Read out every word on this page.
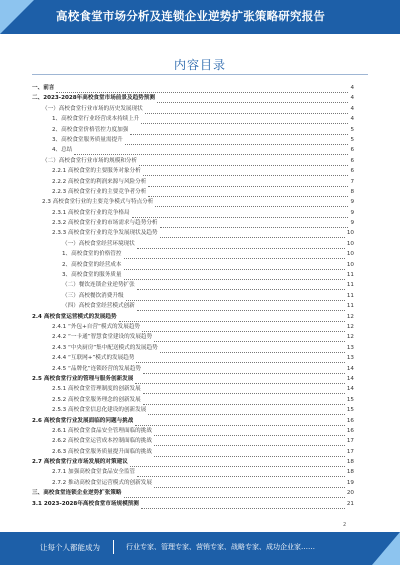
高校食堂市场分析及连锁企业逆势扩张策略研究报告
内容目录
一、前言	4
二、2023-2028年高校食堂市场前景及趋势预测	4
（一）高校食堂行业市场的历史发展现状	4
1、高校食堂行业经营成本持续上升	4
2、高校食堂价格管控力度加强	5
3、高校食堂服务质量需提升	5
4、总结	6
（二）高校食堂行业市场的规模和分析	6
2.2.1 高校食堂的主要服务对象分析	6
2.2.2 高校食堂的利润来源与风险分析	7
2.2.3 高校食堂行业的主要竞争者分析	8
2.3 高校食堂行业的主要竞争模式与特点分析	9
2.3.1 高校食堂行业的竞争格局	9
2.3.2 高校食堂行业的市场需求与趋势分析	9
2.3.3 高校食堂行业的竞争发展现状及趋势	10
（一）高校食堂经营环境现状	10
1、高校食堂的价格管控	10
2、高校食堂的经营成本	10
3、高校食堂的服务质量	11
（二）餐饮连锁企业逆势扩张	11
（三）高校餐饮消费升级	11
（四）高校食堂经营模式创新	11
2.4 高校食堂运营模式的发展趋势	12
2.4.1 “外包+自营”模式的发展趋势	12
2.4.2 “一卡通”智慧食堂建设的发展趋势	12
2.4.3 “中央厨房”集中配送模式的发展趋势	13
2.4.4 “互联网+”模式的发展趋势	13
2.4.5 “品牌化”连锁经营的发展趋势	14
2.5 高校食堂行业的管理与服务创新发展	14
2.5.1 高校食堂管理制度的创新发展	14
2.5.2 高校食堂服务理念的创新发展	15
2.5.3 高校食堂信息化建设的创新发展	15
2.6 高校食堂行业发展面临的问题与挑战	16
2.6.1 高校食堂食品安全管理面临的挑战	16
2.6.2 高校食堂运营成本控制面临的挑战	17
2.6.3 高校食堂服务质量提升面临的挑战	17
2.7 高校食堂行业市场发展的对策建议	18
2.7.1 加强高校食堂食品安全监管	18
2.7.2 推动高校食堂运营模式的创新发展	19
三、高校食堂连锁企业逆势扩张策略	20
3.1 2023-2028年高校食堂市场规模预测	21
2
让每个人都能成为	行业专家、管理专家、营销专家、战略专家、成功企业家……
